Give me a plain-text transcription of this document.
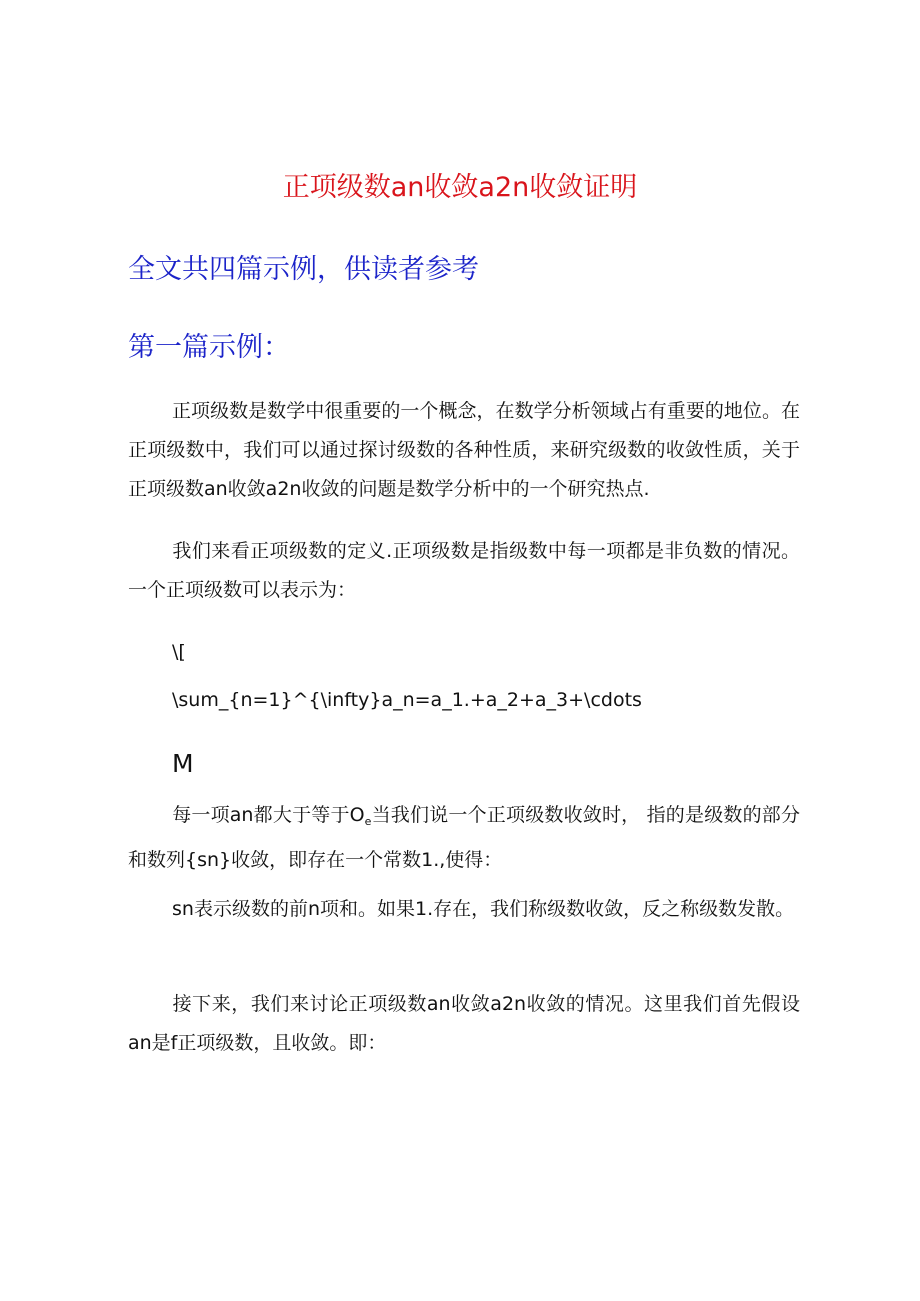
正项级数an收敛a2n收敛证明
全文共四篇示例，供读者参考
第一篇示例：
正项级数是数学中很重要的一个概念，在数学分析领域占有重要的地位。在正项级数中，我们可以通过探讨级数的各种性质，来研究级数的收敛性质，关于正项级数an收敛a2n收敛的问题是数学分析中的一个研究热点.
我们来看正项级数的定义.正项级数是指级数中每一项都是非负数的情况。一个正项级数可以表示为：
\[
\sum_{n=1}^{\infty}a_n=a_1.+a_2+a_3+\cdots
M
每一项an都大于等于$O_e$当我们说一个正项级数收敛时， 指的是级数的部分和数列{sn}收敛，即存在一个常数1.,使得：
sn表示级数的前n项和。如果1.存在，我们称级数收敛，反之称级数发散。
接下来，我们来讨论正项级数an收敛a2n收敛的情况。这里我们首先假设an是f正项级数，且收敛。即：
